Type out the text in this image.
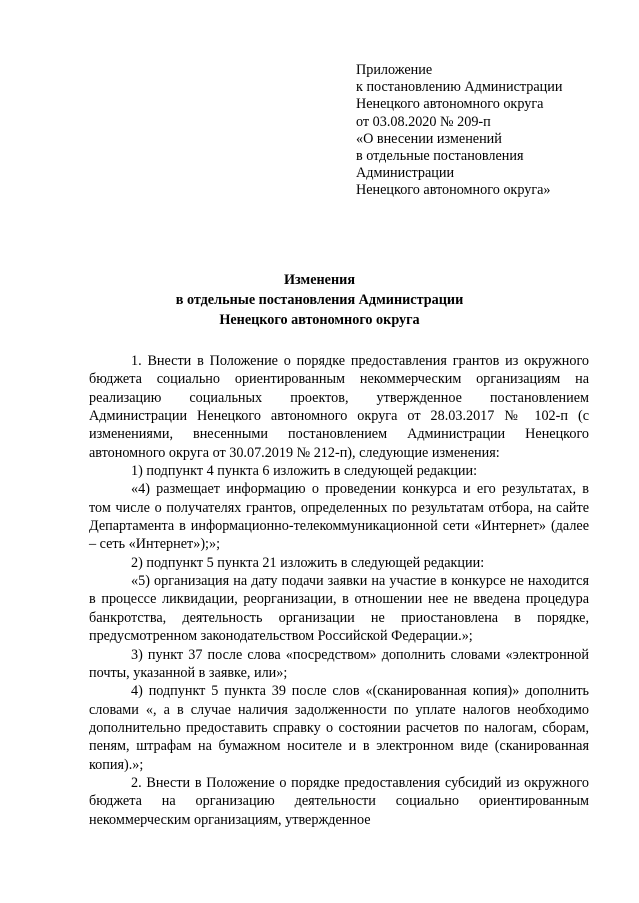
Приложение
к постановлению Администрации
Ненецкого автономного округа
от 03.08.2020 № 209-п
«О внесении изменений
в отдельные постановления
Администрации
Ненецкого автономного округа»
Изменения
в отдельные постановления Администрации
Ненецкого автономного округа
1. Внести в Положение о порядке предоставления грантов из окружного бюджета социально ориентированным некоммерческим организациям на реализацию социальных проектов, утвержденное постановлением Администрации Ненецкого автономного округа от 28.03.2017 № 102-п (с изменениями, внесенными постановлением Администрации Ненецкого автономного округа от 30.07.2019 № 212-п), следующие изменения:
1) подпункт 4 пункта 6 изложить в следующей редакции:
«4) размещает информацию о проведении конкурса и его результатах, в том числе о получателях грантов, определенных по результатам отбора, на сайте Департамента в информационно-телекоммуникационной сети «Интернет» (далее – сеть «Интернет»);»;
2) подпункт 5 пункта 21 изложить в следующей редакции:
«5) организация на дату подачи заявки на участие в конкурсе не находится в процессе ликвидации, реорганизации, в отношении нее не введена процедура банкротства, деятельность организации не приостановлена в порядке, предусмотренном законодательством Российской Федерации.»;
3) пункт 37 после слова «посредством» дополнить словами «электронной почты, указанной в заявке, или»;
4) подпункт 5 пункта 39 после слов «(сканированная копия)» дополнить словами «, а в случае наличия задолженности по уплате налогов необходимо дополнительно предоставить справку о состоянии расчетов по налогам, сборам, пеням, штрафам на бумажном носителе и в электронном виде (сканированная копия).»;
2. Внести в Положение о порядке предоставления субсидий из окружного бюджета на организацию деятельности социально ориентированным некоммерческим организациям, утвержденное
